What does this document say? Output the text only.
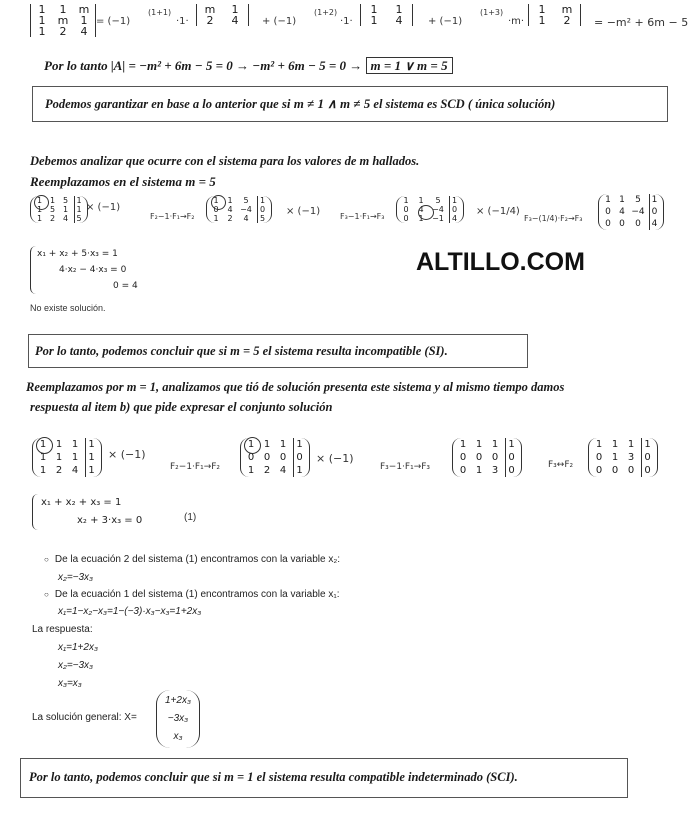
1	1	m
1	m	1
1	2	4
= (−1)
(1+1)
·1·
m	1
2	4	+ (−1)
(1+2)
·1·
1	1
1	4	+ (−1)
(1+3)
·m·
1	m
1	2	= −m² + 6m − 5
Por lo tanto |A| = −m² + 6m − 5 = 0 → −m² + 6m − 5 = 0 → m = 1 ∨ m = 5
Podemos garantizar en base a lo anterior que si m ≠ 1 ∧ m ≠ 5 el sistema es SCD ( única solución)
Debemos analizar que ocurre con el sistema para los valores de m hallados.
Reemplazamos en el sistema m = 5
1 1 5	1
1 5 1	1
1 2 4	5
× (−1)
F₂−1·F₁→F₂
1	1	5	1
0	4 −4	0
1	2	4	5
× (−1) F₃−1·F₁→F₃
1	1	5	1
0	4	−4	0
0	1	−1	4
× (−1/4)
F₃−(1/4)·F₂→F₃
1 1	5	1
0 4 −4 0
0 0	0	4
x₁ + x₂ + 5·x₃ = 1
4·x₂ − 4·x₃ = 0
0 = 4
No existe solución.
ALTILLO.COM
Por lo tanto, podemos concluir que si m = 5 el sistema resulta incompatible (SI).
Reemplazamos por m = 1, analizamos que tió de solución presenta este sistema y al mismo tiempo damos
respuesta al item b) que pide expresar el conjunto solución
1 1 1	1
1 1 1	1
1 2 4	1
× (−1)
F₂−1·F₁→F₂
1 1 1	1
0 0 0	0
1 2 4	1
× (−1)
F₃−1·F₁→F₃
1 1 1	1
0 0 0	0
0 1 3	0	F₃↔F₂
1 1 1	1
0 1 3	0
0 0 0	0
x₁ + x₂ + x₃ = 1
x₂ + 3·x₃ = 0	(1)
○ De la ecuación 2 del sistema (1) encontramos con la variable x₂:
x₂=−3x₃
○ De la ecuación 1 del sistema (1) encontramos con la variable x₁:
x₁=1−x₂−x₃=1−(−3)·x₃−x₃=1+2x₃
La respuesta:
x₁=1+2x₃
x₂=−3x₃
x₃=x₃
La solución general: X=
1+2x₃
−3x₃
x₃
Por lo tanto, podemos concluir que si m = 1 el sistema resulta compatible indeterminado (SCI).
